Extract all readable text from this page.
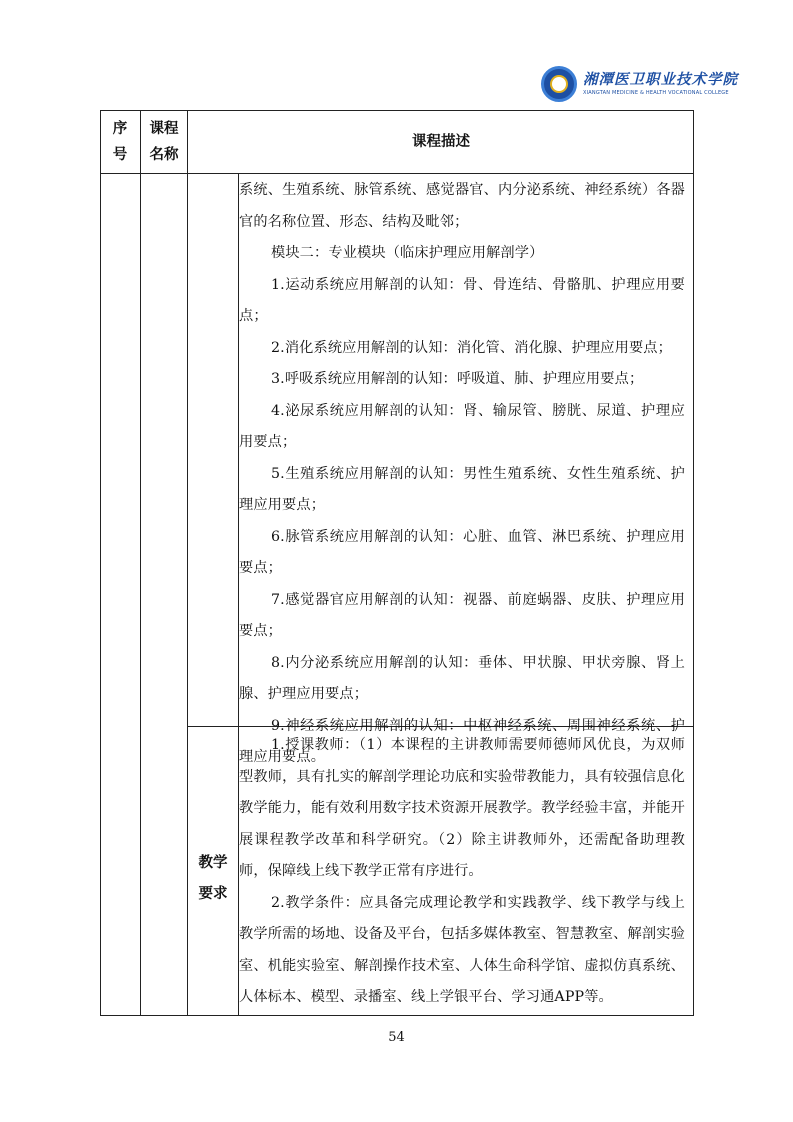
湘潭医卫职业技术学院
XIANGTAN MEDICINE & HEALTH VOCATIONAL COLLEGE
序号
课程名称
课程描述

系统、生殖系统、脉管系统、感觉器官、内分泌系统、神经系统）各器官的名称位置、形态、结构及毗邻；

模块二：专业模块（临床护理应用解剖学）

1.运动系统应用解剖的认知：骨、骨连结、骨骼肌、护理应用要点；

2.消化系统应用解剖的认知：消化管、消化腺、护理应用要点；

3.呼吸系统应用解剖的认知：呼吸道、肺、护理应用要点；

4.泌尿系统应用解剖的认知：肾、输尿管、膀胱、尿道、护理应用要点；

5.生殖系统应用解剖的认知：男性生殖系统、女性生殖系统、护理应用要点；

6.脉管系统应用解剖的认知：心脏、血管、淋巴系统、护理应用要点；

7.感觉器官应用解剖的认知：视器、前庭蜗器、皮肤、护理应用要点；

8.内分泌系统应用解剖的认知：垂体、甲状腺、甲状旁腺、肾上腺、护理应用要点；

9.神经系统应用解剖的认知：中枢神经系统、周围神经系统、护理应用要点。

教学要求

1.授课教师：（1）本课程的主讲教师需要师德师风优良，为双师型教师，具有扎实的解剖学理论功底和实验带教能力，具有较强信息化教学能力，能有效利用数字技术资源开展教学。教学经验丰富，并能开展课程教学改革和科学研究。（2）除主讲教师外，还需配备助理教师，保障线上线下教学正常有序进行。

2.教学条件：应具备完成理论教学和实践教学、线下教学与线上教学所需的场地、设备及平台，包括多媒体教室、智慧教室、解剖实验室、机能实验室、解剖操作技术室、人体生命科学馆、虚拟仿真系统、人体标本、模型、录播室、线上学银平台、学习通APP等。

54
